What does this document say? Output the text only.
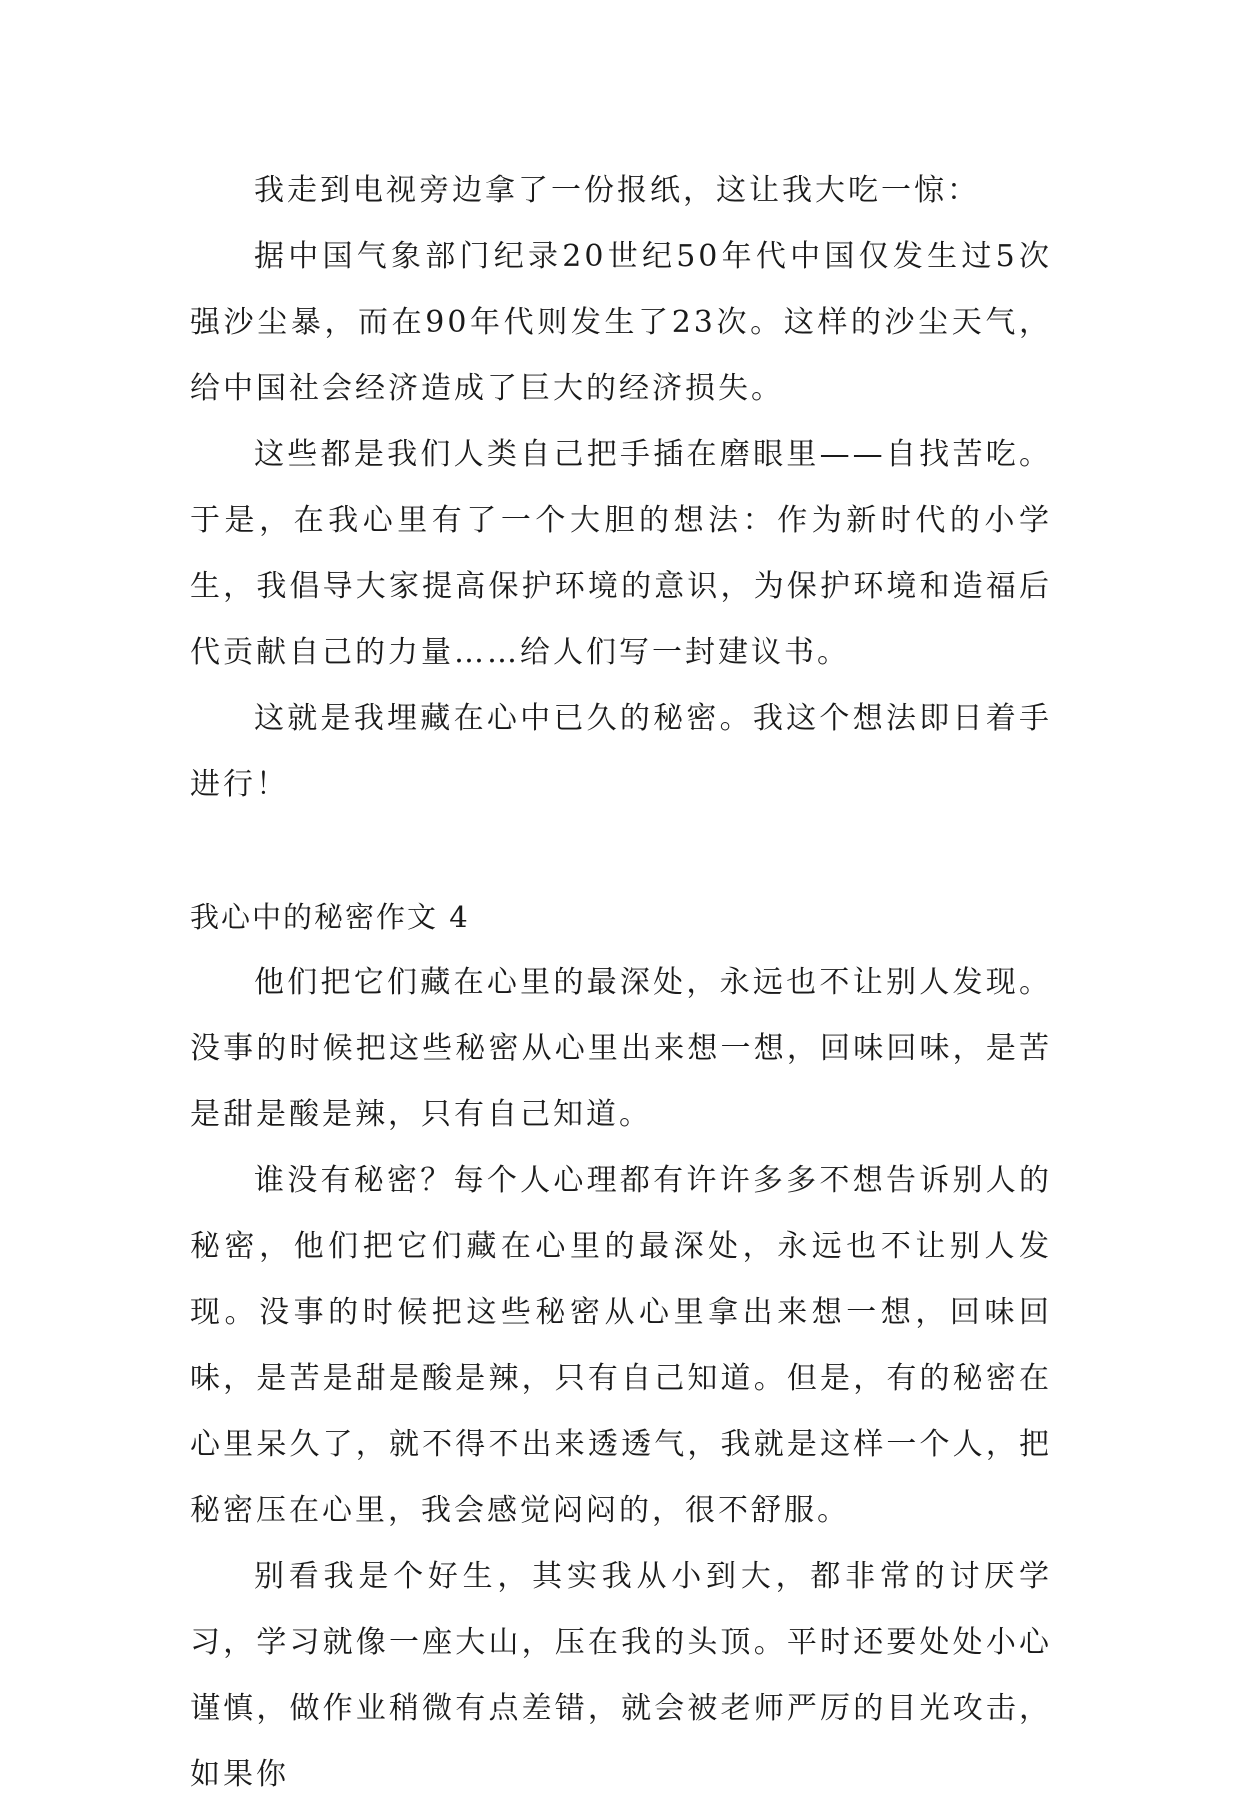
我走到电视旁边拿了一份报纸，这让我大吃一惊：

据中国气象部门纪录20世纪50年代中国仅发生过5次强沙尘暴，而在90年代则发生了23次。这样的沙尘天气，给中国社会经济造成了巨大的经济损失。

这些都是我们人类自己把手插在磨眼里——自找苦吃。于是，在我心里有了一个大胆的想法：作为新时代的小学生，我倡导大家提高保护环境的意识，为保护环境和造福后代贡献自己的力量……给人们写一封建议书。

这就是我埋藏在心中已久的秘密。我这个想法即日着手进行！

我心中的秘密作文 4

他们把它们藏在心里的最深处，永远也不让别人发现。没事的时候把这些秘密从心里出来想一想，回味回味，是苦是甜是酸是辣，只有自己知道。

谁没有秘密？每个人心理都有许许多多不想告诉别人的秘密，他们把它们藏在心里的最深处，永远也不让别人发现。没事的时候把这些秘密从心里拿出来想一想，回味回味，是苦是甜是酸是辣，只有自己知道。但是，有的秘密在心里呆久了，就不得不出来透透气，我就是这样一个人，把秘密压在心里，我会感觉闷闷的，很不舒服。

别看我是个好生，其实我从小到大，都非常的讨厌学习，学习就像一座大山，压在我的头顶。平时还要处处小心谨慎，做作业稍微有点差错，就会被老师严厉的目光攻击，如果你
